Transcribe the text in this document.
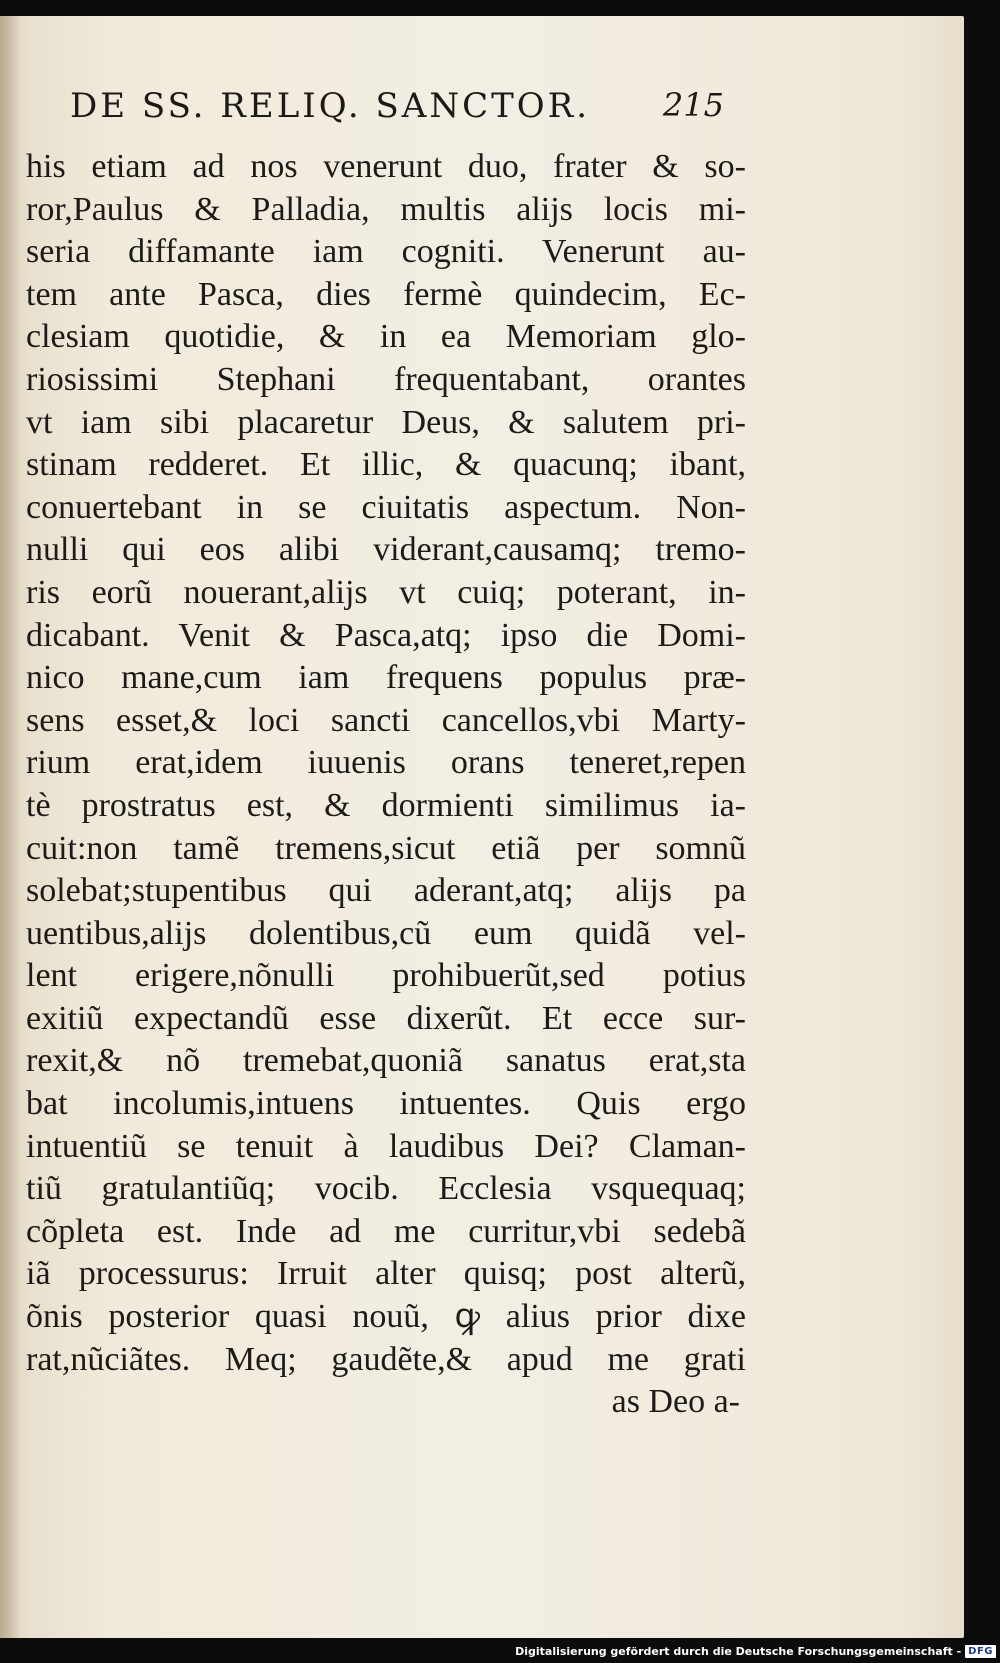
DE SS. RELIQ. SANCTOR. 215
his etiam ad nos venerunt duo, frater & so-
ror,Paulus & Palladia, multis alijs locis mi-
seria diffamante iam cogniti. Venerunt au-
tem ante Pasca, dies fermè quindecim, Ec-
clesiam quotidie, & in ea Memoriam glo-
riosissimi Stephani frequentabant, orantes
vt iam sibi placaretur Deus, & salutem pri-
stinam redderet. Et illic, & quacunq; ibant,
conuertebant in se ciuitatis aspectum. Non-
nulli qui eos alibi viderant,causamq; tremo-
ris eorũ nouerant,alijs vt cuiq; poterant, in-
dicabant. Venit & Pasca,atq; ipso die Domi-
nico mane,cum iam frequens populus præ-
sens esset,& loci sancti cancellos,vbi Marty-
rium erat,idem iuuenis orans teneret,repen
tè prostratus est, & dormienti similimus ia-
cuit:non tamẽ tremens,sicut etiã per somnũ
solebat;stupentibus qui aderant,atq; alijs pa
uentibus,alijs dolentibus,cũ eum quidã vel-
lent erigere,nõnulli prohibuerũt,sed potius
exitiũ expectandũ esse dixerũt. Et ecce sur-
rexit,& nõ tremebat,quoniã sanatus erat,sta
bat incolumis,intuens intuentes. Quis ergo
intuentiũ se tenuit à laudibus Dei? Claman-
tiũ gratulantiũq; vocib. Ecclesia vsquequaq;
cõpleta est. Inde ad me curritur,vbi sedebã
iã processurus: Irruit alter quisq; post alterũ,
õnis posterior quasi nouũ, ꝙ alius prior dixe
rat,nũciãtes. Meq; gaudẽte,& apud me grati
as Deo a-
Digitalisierung gefördert durch die Deutsche Forschungsgemeinschaft - DFG
